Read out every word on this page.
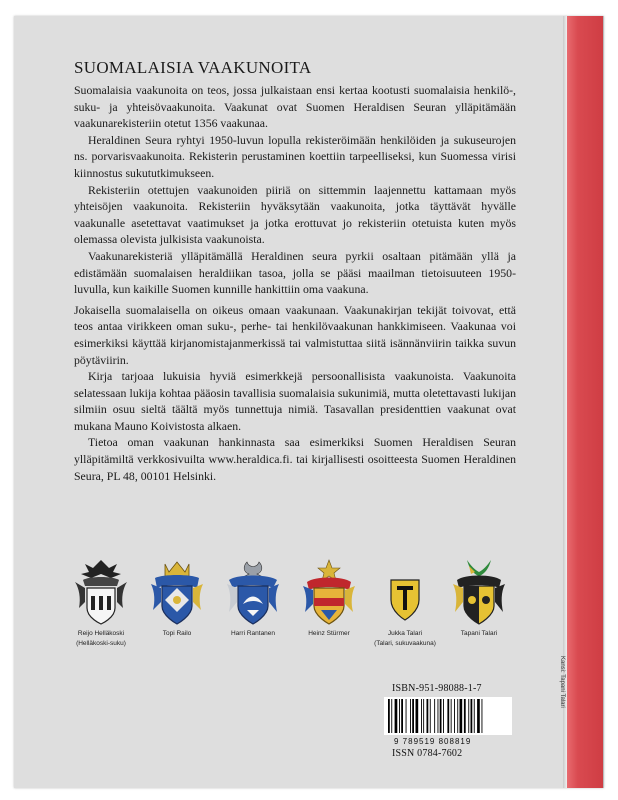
Kansi: Tapani Talari
SUOMALAISIA VAAKUNOITA

Suomalaisia vaakunoita on teos, jossa julkaistaan ensi kertaa kootusti suomalaisia henkilö-, suku- ja yhteisövaakunoita. Vaakunat ovat Suomen Heraldisen Seuran ylläpitämään vaakunarekisteriin otetut 1356 vaakunaa.

Heraldinen Seura ryhtyi 1950-luvun lopulla rekisteröimään henkilöiden ja sukuseurojen ns. porvarisvaakunoita. Rekisterin perustaminen koettiin tarpeelliseksi, kun Suomessa virisi kiinnostus sukututkimukseen.

Rekisteriin otettujen vaakunoiden piiriä on sittemmin laajennettu kattamaan myös yhteisöjen vaakunoita. Rekisteriin hyväksytään vaakunoita, jotka täyttävät hyvälle vaakunalle asetettavat vaatimukset ja jotka erottuvat jo rekisteriin otetuista kuten myös olemassa olevista julkisista vaakunoista.

Vaakunarekisteriä ylläpitämällä Heraldinen seura pyrkii osaltaan pitämään yllä ja edistämään suomalaisen heraldiikan tasoa, jolla se pääsi maailman tietoisuuteen 1950-luvulla, kun kaikille Suomen kunnille hankittiin oma vaakuna.

Jokaisella suomalaisella on oikeus omaan vaakunaan. Vaakunakirjan tekijät toivovat, että teos antaa virikkeen oman suku-, perhe- tai henkilövaakunan hankkimiseen. Vaakunaa voi esimerkiksi käyttää kirjanomistajanmerkissä tai valmistuttaa siitä isännänviirin taikka suvun pöytäviirin.

Kirja tarjoaa lukuisia hyviä esimerkkejä persoonallisista vaakunoista. Vaakunoita selatessaan lukija kohtaa pääosin tavallisia suomalaisia sukunimiä, mutta oletettavasti lukijan silmiin osuu sieltä täältä myös tunnettuja nimiä. Tasavallan presidenttien vaakunat ovat mukana Mauno Koivistosta alkaen.

Tietoa oman vaakunan hankinnasta saa esimerkiksi Suomen Heraldisen Seuran ylläpitämiltä verkkosivuilta www.heraldica.fi. tai kirjallisesti osoitteesta Suomen Heraldinen Seura, PL 48, 00101 Helsinki.

Reijo Helläkoski
(Helläkoski-suku)
Topi Railo	Harri Rantanen	Heinz Stürmer	Jukka Talari
(Talari, sukuvaakuna)
Tapani Talari
ISBN-951-98088-1-7
9 789519 808819
ISSN 0784-7602
